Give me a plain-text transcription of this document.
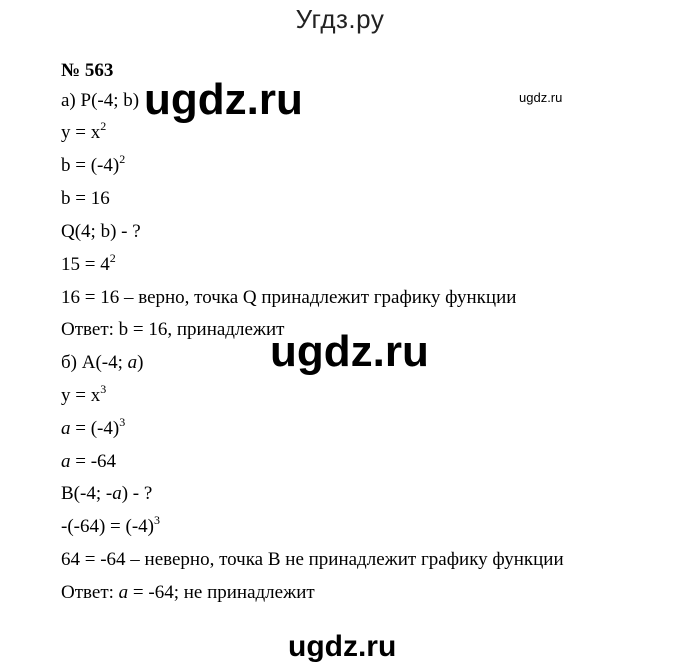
Угдз.ру
ugdz.ru	ugdz.ru
ugdz.ru
ugdz.ru
№ 563
а) P(-4; b)
$y = x^2$
$b = (-4)^2$
b = 16
Q(4; b) - ?
$15 = 4^2$
16 = 16 – верно, точка Q принадлежит графику функции
Ответ: b = 16, принадлежит
б) A(-4; a)
$y = x^3$
$a = (-4)^3$
a = -64
B(-4; -a) - ?
$-(-64) = (-4)^3$
64 = -64 – неверно, точка B не принадлежит графику функции
Ответ: a = -64; не принадлежит
